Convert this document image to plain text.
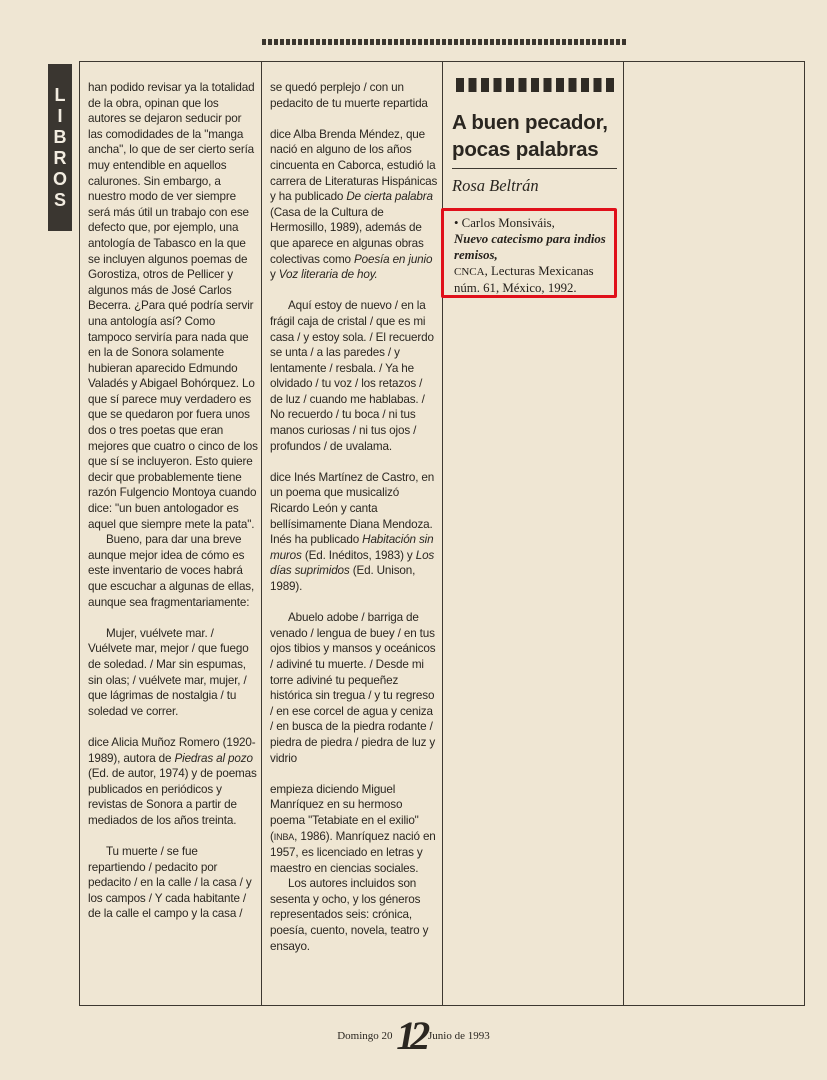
L
I
B
R
O
S

han podido revisar ya la totalidad de la obra, opinan que los autores se dejaron seducir por las comodidades de la "manga ancha", lo que de ser cierto sería muy entendible en aquellos calurones. Sin embargo, a nuestro modo de ver siempre será más útil un trabajo con ese defecto que, por ejemplo, una antología de Tabasco en la que se incluyen algunos poemas de Gorostiza, otros de Pellicer y algunos más de José Carlos Becerra. ¿Para qué podría servir una antología así? Como tampoco serviría para nada que en la de Sonora solamente hubieran aparecido Edmundo Valadés y Abigael Bohórquez. Lo que sí parece muy verdadero es que se quedaron por fuera unos dos o tres poetas que eran mejores que cuatro o cinco de los que sí se incluyeron. Esto quiere decir que probablemente tiene razón Fulgencio Montoya cuando dice: "un buen antologador es aquel que siempre mete la pata".

Bueno, para dar una breve aunque mejor idea de cómo es este inventario de voces habrá que escuchar a algunas de ellas, aunque sea fragmentariamente:

Mujer, vuélvete mar. / Vuélvete mar, mejor / que fuego de soledad. / Mar sin espumas, sin olas; / vuélvete mar, mujer, / que lágrimas de nostalgia / tu soledad ve correr.

dice Alicia Muñoz Romero (1920-1989), autora de Piedras al pozo (Ed. de autor, 1974) y de poemas publicados en periódicos y revistas de Sonora a partir de mediados de los años treinta.

Tu muerte / se fue repartiendo / pedacito por pedacito / en la calle / la casa / y los campos / Y cada habitante / de la calle el campo y la casa /

se quedó perplejo / con un pedacito de tu muerte repartida

dice Alba Brenda Méndez, que nació en alguno de los años cincuenta en Caborca, estudió la carrera de Literaturas Hispánicas y ha publicado De cierta palabra (Casa de la Cultura de Hermosillo, 1989), además de que aparece en algunas obras colectivas como Poesía en junio y Voz literaria de hoy.

Aquí estoy de nuevo / en la frágil caja de cristal / que es mi casa / y estoy sola. / El recuerdo se unta / a las paredes / y lentamente / resbala. / Ya he olvidado / tu voz / los retazos / de luz / cuando me hablabas. / No recuerdo / tu boca / ni tus manos curiosas / ni tus ojos / profundos / de uvalama.

dice Inés Martínez de Castro, en un poema que musicalizó Ricardo León y canta bellísimamente Diana Mendoza. Inés ha publicado Habitación sin muros (Ed. Inéditos, 1983) y Los días suprimidos (Ed. Unison, 1989).

Abuelo adobe / barriga de venado / lengua de buey / en tus ojos tibios y mansos y oceánicos / adiviné tu muerte. / Desde mi torre adiviné tu pequeñez histórica sin tregua / y tu regreso / en ese corcel de agua y ceniza / en busca de la piedra rodante / piedra de piedra / piedra de luz y vidrio

empieza diciendo Miguel Manríquez en su hermoso poema "Tetabiate en el exilio" (INBA, 1986). Manríquez nació en 1957, es licenciado en letras y maestro en ciencias sociales.

Los autores incluidos son sesenta y ocho, y los géneros representados seis: crónica, poesía, cuento, novela, teatro y ensayo.

A buen pecador, pocas palabras
Rosa Beltrán
• Carlos Monsiváis,
Nuevo catecismo para indios remisos,
CNCA, Lecturas Mexicanas núm. 61, México, 1992.
Domingo 20 12 Junio de 1993
